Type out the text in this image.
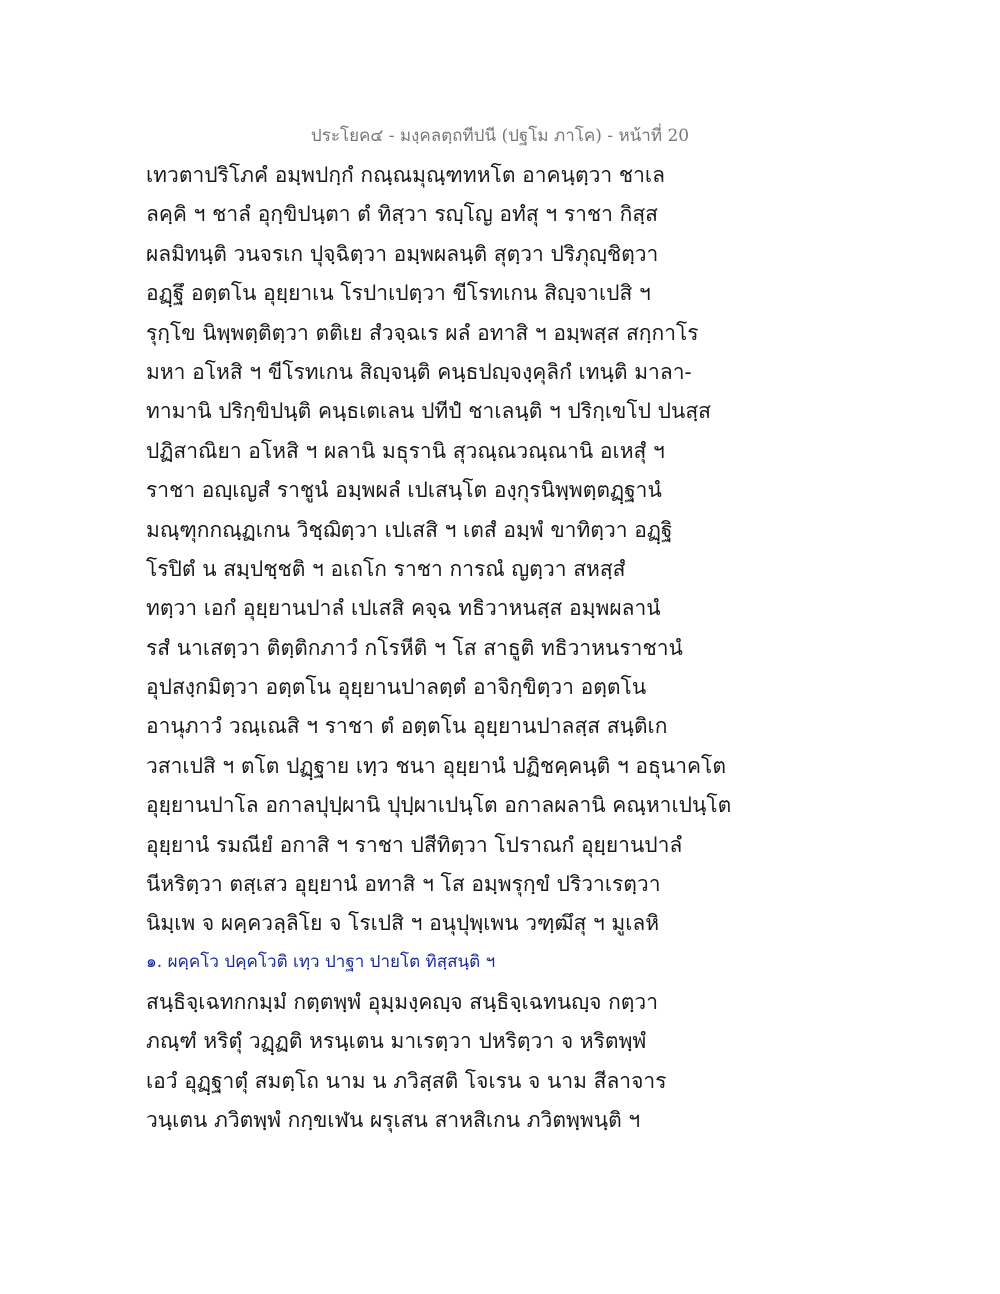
ประโยค๔ - มงฺคลตฺถทีปนี (ปฐโม ภาโค) - หน้าที่ 20
เทวตาปริโภคํ อมฺพปกฺกํ กณฺณมุณฺฑทหโต อาคนฺตฺวา ชาเล
ลคฺคิ ฯ ชาลํ อุกฺขิปนฺตา ตํ ทิสฺวา รญฺโญ อทํสุ ฯ ราชา กิสฺส
ผลมิทนฺติ วนจรเก ปุจฺฉิตฺวา อมฺพผลนฺติ สุตฺวา ปริภุญฺชิตฺวา
อฏฺฐึ อตฺตโน อุยฺยาเน โรปาเปตฺวา ขีโรทเกน สิญฺจาเปสิ ฯ
รุกฺโข นิพฺพตฺติตฺวา ตติเย สํวจฺฉเร ผลํ อทาสิ ฯ อมฺพสฺส สกฺกาโร
มหา อโหสิ ฯ ขีโรทเกน สิญฺจนฺติ คนฺธปญฺจงฺคุลิกํ เทนฺติ มาลา-
ทามานิ ปริกฺขิปนฺติ คนฺธเตเลน ปทีปํ ชาเลนฺติ ฯ ปริกฺเขโป ปนสฺส
ปฏิสาณิยา อโหสิ ฯ ผลานิ มธุรานิ สุวณฺณวณฺณานิ อเหสุํ ฯ
ราชา อญฺเญสํ ราชูนํ อมฺพผลํ เปเสนฺโต องฺกุรนิพฺพตฺตฏฺฐานํ
มณฺฑุกกณฺฏเกน วิชฺฌิตฺวา เปเสสิ ฯ เตสํ อมฺพํ ขาทิตฺวา อฏฺฐิ
โรปิตํ น สมฺปชฺชติ ฯ อเถโก ราชา การณํ ญตฺวา สหสฺสํ
ทตฺวา เอกํ อุยฺยานปาลํ เปเสสิ คจฺฉ ทธิวาหนสฺส อมฺพผลานํ
รสํ นาเสตฺวา ติตฺติกภาวํ กโรหีติ ฯ โส สาธูติ ทธิวาหนราชานํ
อุปสงฺกมิตฺวา อตฺตโน อุยฺยานปาลตฺตํ อาจิกฺขิตฺวา อตฺตโน
อานุภาวํ วณฺเณสิ ฯ ราชา ตํ อตฺตโน อุยฺยานปาลสฺส สนฺติเก
วสาเปสิ ฯ ตโต ปฏฺฐาย เทฺว ชนา อุยฺยานํ ปฏิชคฺคนฺติ ฯ อธุนาคโต
อุยฺยานปาโล อกาลปุปฺผานิ ปุปฺผาเปนฺโต อกาลผลานิ คณฺหาเปนฺโต
อุยฺยานํ รมณียํ อกาสิ ฯ ราชา ปสีทิตฺวา โปราณกํ อุยฺยานปาลํ
นีหริตฺวา ตสฺเสว อุยฺยานํ อทาสิ ฯ โส อมฺพรุกฺขํ ปริวาเรตฺวา
นิมฺเพ จ ผคฺควลฺลิโย จ โรเปสิ ฯ อนุปุพฺเพน วฑฺฒึสุ ฯ มูเลหิ
๑. ผคฺคโว ปคฺคโวติ เทฺว ปาฐา ปายโต ทิสฺสนฺติ ฯ
สนฺธิจฺเฉทกกมฺมํ กตฺตพฺพํ อุมฺมงฺคญฺจ สนฺธิจฺเฉทนญฺจ กตฺวา
ภณฺฑํ หริตุํ วฏฺฏติ หรนฺเตน มาเรตฺวา ปหริตฺวา จ หริตพฺพํ
เอวํ อุฏฺฐาตุํ สมตฺโถ นาม น ภวิสฺสติ โจเรน จ นาม สีลาจาร
วนฺเตน ภวิตพฺพํ กกฺขเฬน ผรุเสน สาหสิเกน ภวิตพฺพนฺติ ฯ
